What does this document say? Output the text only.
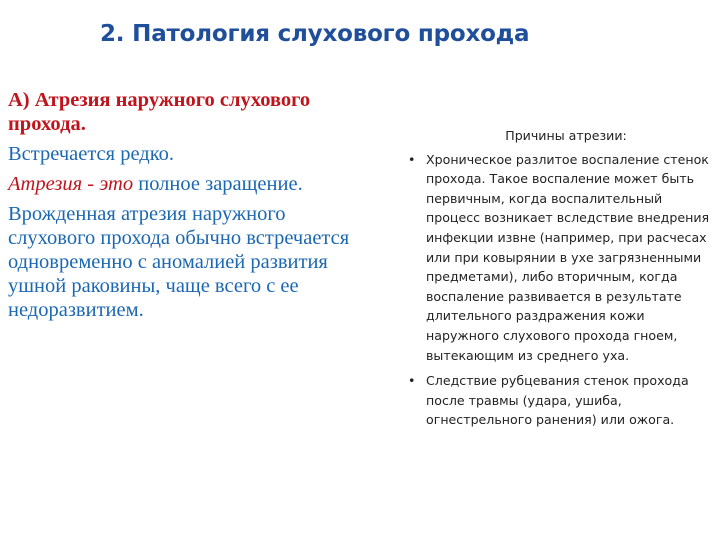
2. Патология слухового прохода

А) Атрезия наружного слухового прохода.

Встречается редко.

Атрезия - это полное заращение.

Врожденная атрезия наружного слухового прохода обычно встречается одновременно с аномалией развития ушной раковины, чаще всего с ее недоразвитием.

Причины атрезии:

• Хроническое разлитое воспаление стенок прохода. Такое воспаление может быть первичным, когда воспалительный процесс возникает вследствие внедрения инфекции извне (например, при расчесах или при ковырянии в ухе загрязненными предметами), либо вторичным, когда воспаление развивается в результате длительного раздражения кожи наружного слухового прохода гноем, вытекающим из среднего уха.
• Следствие рубцевания стенок прохода после травмы (удара, ушиба, огнестрельного ранения) или ожога.
